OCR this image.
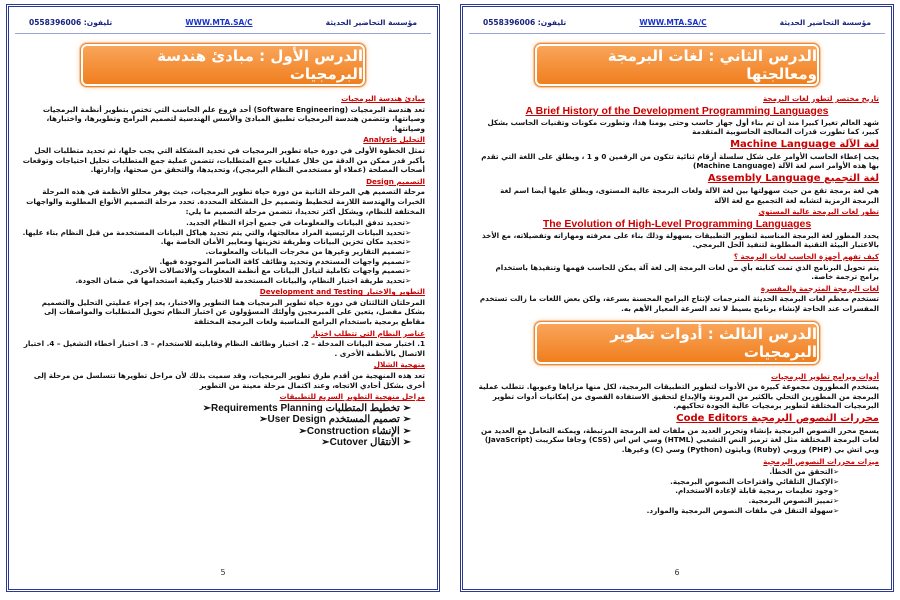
تليفون: 0558396006	WWW.MTA.SA/C	مؤسسة التحاضير الحديثة
الدرس الأول : مبادئ هندسة البرمجيات
مبادئ هندسة البرمجيات

تعد هندسة البرمجيات (Software Engineering) أحد فروع علم الحاسب التي تختص بتطوير أنظمة البرمجيات وصيانتها، وتتضمن هندسة البرمجيات تطبيق المبادئ والأسس الهندسية لتصميم البرامج وتطويرها، واختبارها، وصيانتها.

التحليل Analysis

تمثل الخطوة الأولى في دورة حياة تطوير البرمجيات في تحديد المشكلة التي يجب حلها، ثم تحديد متطلبات الحل بأكبر قدر ممكن من الدقة من خلال عمليات جمع المتطلبات، تتضمن عملية جمع المتطلبات تحليل احتياجات وتوقعات أصحاب المصلحة (عملاء أو مستخدمي النظام البرمجي)، وتحديدها، والتحقق من صحتها، وإدارتها.

التصميم Design

مرحلة التصميم هي المرحلة الثانية من دورة حياة تطوير البرمجيات، حيث يوفر محللو الأنظمة في هذه المرحلة الخبرات والهندسة اللازمة لتخطيط وتصميم حل المشكلة المحددة. تحدد مرحلة التصميم الأنواع المطلوبة والواجهات المختلفة للنظام، ويشكل أكثر تحديدا، تتضمن مرحلة التصميم ما يلي:

➢ تحديد تدفق البيانات والمعلومات في جميع أجزاء النظام الجديد.
➢ تحديد البيانات الرئيسية المراد معالجتها، والتي يتم تحديد هياكل البيانات المستخدمة من قبل النظام بناء عليها.
➢ تحديد مكان تخزين البيانات وطريقة تخزينها ومعايير الأمان الخاصة بها.
➢ تصميم التقارير وغيرها من مخرجات البيانات والمعلومات.
➢ تصميم واجهات المستخدم وتحديد وظائف كافة العناصر الموجودة فيها.
➢ تصميم واجهات تكاملية لتبادل البيانات مع أنظمة المعلومات والاتصالات الأخرى.
➢ تحديد طريقة اختبار النظام، والبيانات المستخدمة للاختبار وكيفية استخدامها في ضمان الجودة.
التطوير والاختبار Development and Testing

المرحلتان الثالثتان في دورة حياة تطوير البرمجيات هما التطوير والاختبار، يعد إجراء عمليتي التحليل والتصميم بشكل مفصل، يتعين على المبرمجين وأولئك المسؤولون عن اختبار النظام تحويل المتطلبات والمواصفات إلى مقاطع برمجية باستخدام البرامج المناسبة ولغات البرمجة المختلفة

عناصر النظام التي تتطلب اختبار

1. اختبار صحة البيانات المدخلة – 2. اختبار وظائف النظام وقابليته للاستخدام – 3. اختبار أخطاء التشغيل – 4. اختبار الاتصال بالأنظمة الأخرى .

منهجية الشلال

تعد هذه المنهجية من أقدم طرق تطوير البرمجيات، وقد سميت بذلك لأن مراحل تطويرها تتسلسل من مرحلة إلى أخرى بشكل أحادي الاتجاه، وعند اكتمال مرحلة معينة من التطوير

مراحل منهجية التطوير السريع للتطبيقات
➢ Requirements Planning تخطيط المتطلبات ➢
➢ User Design تصميم المستخدم ➢
➢ Construction الإنشاء ➢
➢ Cutover الانتقال ➢
5
تليفون: 0558396006	WWW.MTA.SA/C	مؤسسة التحاضير الحديثة
الدرس الثاني : لغات البرمجة ومعالجتها
تاريخ مختصر لتطور لغات البرمجة
A Brief History of the Development Programming Languages

شهد العالم تغيرا كبيرا منذ أن تم بناء أول جهاز حاسب وحتى يومنا هذا، وتطورت مكونات وتقنيات الحاسب بشكل كبير، كما تطورت قدرات المعالجة الحاسوبية المتقدمة

لغة الآلة Machine Language

يجب إعطاء الحاسب الأوامر على شكل سلسلة أرقام ثنائية تتكون من الرقمين 0 و 1 ، ويطلق على اللغة التي تقدم بها هذه الأوامر اسم لغة الآلة (Machine Language)

لغة التجميع Assembly Language

هي لغة برمجة تقع من حيث سهولتها بين لغة الآلة ولغات البرمجة عالية المستوى، ويطلق عليها أيضا اسم لغة البرمجة الرمزية لتشابه لغة التجميع مع لغة الآلة

تطور لغات البرمجة عالية المستوى
The Evolution of High-Level Programming Languages

يحدد المطور لغة البرمجة المناسبة لتطوير التطبيقات بسهولة وذلك بناء على معرفته ومهاراته وتفضيلاته، مع الأخذ بالاعتبار البيئة التقنية المطلوبة لتنفيذ الحل البرمجي.

كيف تفهم أجهزة الحاسب لغات البرمجة ؟

يتم تحويل البرنامج الذي تمت كتابته بأي من لغات البرمجة إلى لغة آلة يمكن للحاسب فهمها وتنفيذها باستخدام برامج ترجمة خاصة.

لغات البرمجة المترجمة والمفسرة

تستخدم معظم لغات البرمجة الحديثة المترجمات لإنتاج البرامج المحسنة بسرعة، ولكن بعض اللغات ما زالت تستخدم المفسرات عند الحاجة لإنشاء برنامج بسيط لا تعد السرعة المعيار الأهم به.

الدرس الثالث : أدوات تطوير البرمجيات
أدوات وبرامج تطوير البرمجيات

يستخدم المطورون مجموعة كبيرة من الأدوات لتطوير التطبيقات البرمجية، لكل منها مزاياها وعيوبها. تتطلب عملية البرمجة من المطورين التحلي بالكثير من المرونة والإبداع لتحقيق الاستفادة القصوى من إمكانيات أدوات تطوير البرمجيات المختلفة لتطوير برمجيات عالية الجودة تحاكيهم.

محررات النصوص البرمجية Code Editors

يسمح محرر النصوص البرمجية بإنشاء وتحرير العديد من ملفات لغة البرمجة المرتبطة، ويمكنه التعامل مع العديد من لغات البرمجة المختلفة مثل لغة ترميز النص التشعبي (HTML) وسي اس اس (CSS) وجافا سكريبت (JavaScript) وبي اتش بي (PHP) وروبي (Ruby) وبايثون (Python) وسي (C) وغيرها.

ميزات محررات النصوص البرمجية
➢ التحقق من الخطأ.
➢ الإكمال التلقائي واقتراحات النصوص البرمجية.
➢ وجود تعليمات برمجية قابلة لإعادة الاستخدام.
➢ تمييز النصوص البرمجية.
➢ سهولة التنقل في ملفات النصوص البرمجية والموارد.
6
